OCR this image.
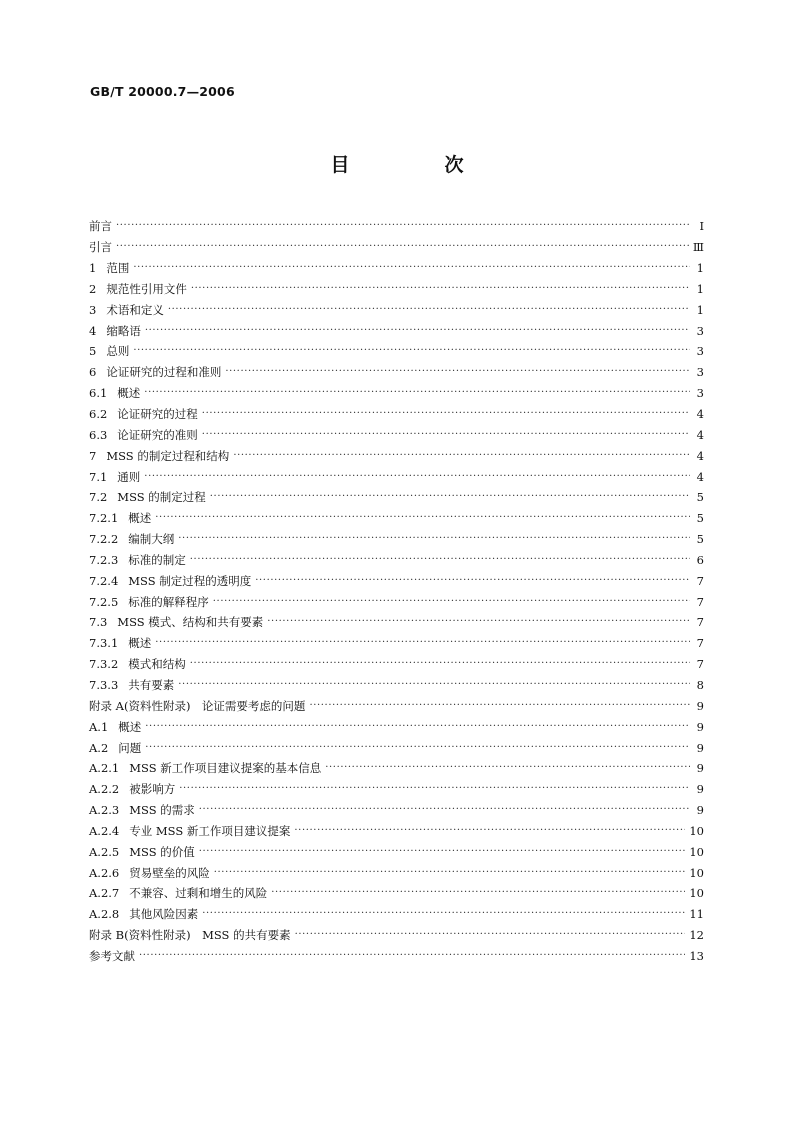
GB/T 20000.7—2006
目　次
前言 ·····	Ⅰ
引言 ·····	Ⅲ
1 范围 ·····	1
2 规范性引用文件 ·····	1
3 术语和定义 ·····	1
4 缩略语 ·····	3
5 总则 ·····	3
6 论证研究的过程和准则 ·····	3
6.1 概述 ·····	3
6.2 论证研究的过程 ·····	4
6.3 论证研究的准则 ·····	4
7 MSS 的制定过程和结构 ·····	4
7.1 通则 ·····	4
7.2 MSS 的制定过程 ·····	5
7.2.1 概述 ·····	5
7.2.2 编制大纲 ·····	5
7.2.3 标准的制定 ·····	6
7.2.4 MSS 制定过程的透明度 ·····	7
7.2.5 标准的解释程序 ·····	7
7.3 MSS 模式、结构和共有要素 ·····	7
7.3.1 概述 ·····	7
7.3.2 模式和结构 ·····	7
7.3.3 共有要素 ·····	8
附录 A(资料性附录)　论证需要考虑的问题 ·····	9
A.1 概述 ·····	9
A.2 问题 ·····	9
A.2.1 MSS 新工作项目建议提案的基本信息 ·····	9
A.2.2 被影响方 ·····	9
A.2.3 MSS 的需求 ·····	9
A.2.4 专业 MSS 新工作项目建议提案 ·····	10
A.2.5 MSS 的价值 ·····	10
A.2.6 贸易壁垒的风险 ·····	10
A.2.7 不兼容、过剩和增生的风险 ·····	10
A.2.8 其他风险因素 ·····	11
附录 B(资料性附录)　MSS 的共有要素 ·····	12
参考文献 ·····	13
